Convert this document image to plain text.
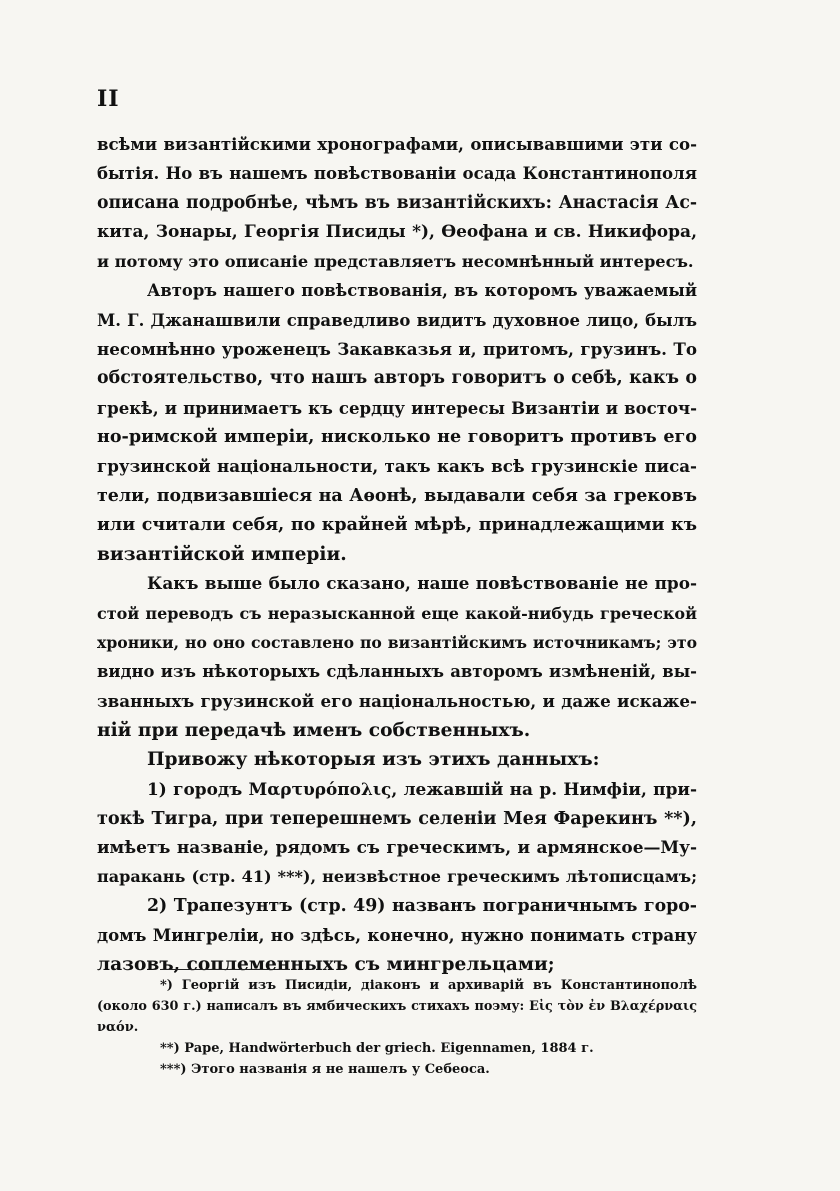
II
всѣми византійскими хронографами, описывавшими эти со-
бытія. Но въ нашемъ повѣствованіи осада Константинополя
описана подробнѣе, чѣмъ въ византійскихъ: Анастасія Ас-
кита, Зонары, Георгія Писиды *), Ѳеофана и св. Никифора,
и потому это описаніе представляетъ несомнѣнный интересъ.
Авторъ нашего повѣствованія, въ которомъ уважаемый
М. Г. Джанашвили справедливо видитъ духовное лицо, былъ
несомнѣнно уроженецъ Закавказья и, притомъ, грузинъ. То
обстоятельство, что нашъ авторъ говоритъ о себѣ, какъ о
грекѣ, и принимаетъ къ сердцу интересы Византіи и восточ-
но-римской имперіи, нисколько не говоритъ противъ его
грузинской національности, такъ какъ всѣ грузинскіе писа-
тели, подвизавшіеся на Аѳонѣ, выдавали себя за грековъ
или считали себя, по крайней мѣрѣ, принадлежащими къ
византійской имперіи.
Какъ выше было сказано, наше повѣствованіе не про-
стой переводъ съ неразысканной еще какой-нибудь греческой
хроники, но оно составлено по византійскимъ источникамъ; это
видно изъ нѣкоторыхъ сдѣланныхъ авторомъ измѣненій, вы-
званныхъ грузинской его національностью, и даже искаже-
ній при передачѣ именъ собственныхъ.
Привожу нѣкоторыя изъ этихъ данныхъ:
1) городъ Μαρτυρόπολις, лежавшій на р. Нимфіи, при-
токѣ Тигра, при теперешнемъ селеніи Мея Фарекинъ **),
имѣетъ названіе, рядомъ съ греческимъ, и армянское—Му-
паракань (стр. 41) ***), неизвѣстное греческимъ лѣтописцамъ;
2) Трапезунтъ (стр. 49) названъ пограничнымъ горо-
домъ Мингреліи, но здѣсь, конечно, нужно понимать страну
лазовъ, соплеменныхъ съ мингрельцами;
*) Георгій изъ Писидіи, діаконъ и архиварій въ Константинополѣ
(около 630 г.) написалъ въ ямбическихъ стихахъ поэму: Εἰς τὸν ἐν Βλαχέρναις
ναόν.
**) Pape, Handwörterbuch der griech. Eigennamen, 1884 г.
***) Этого названія я не нашелъ у Себеоса.
